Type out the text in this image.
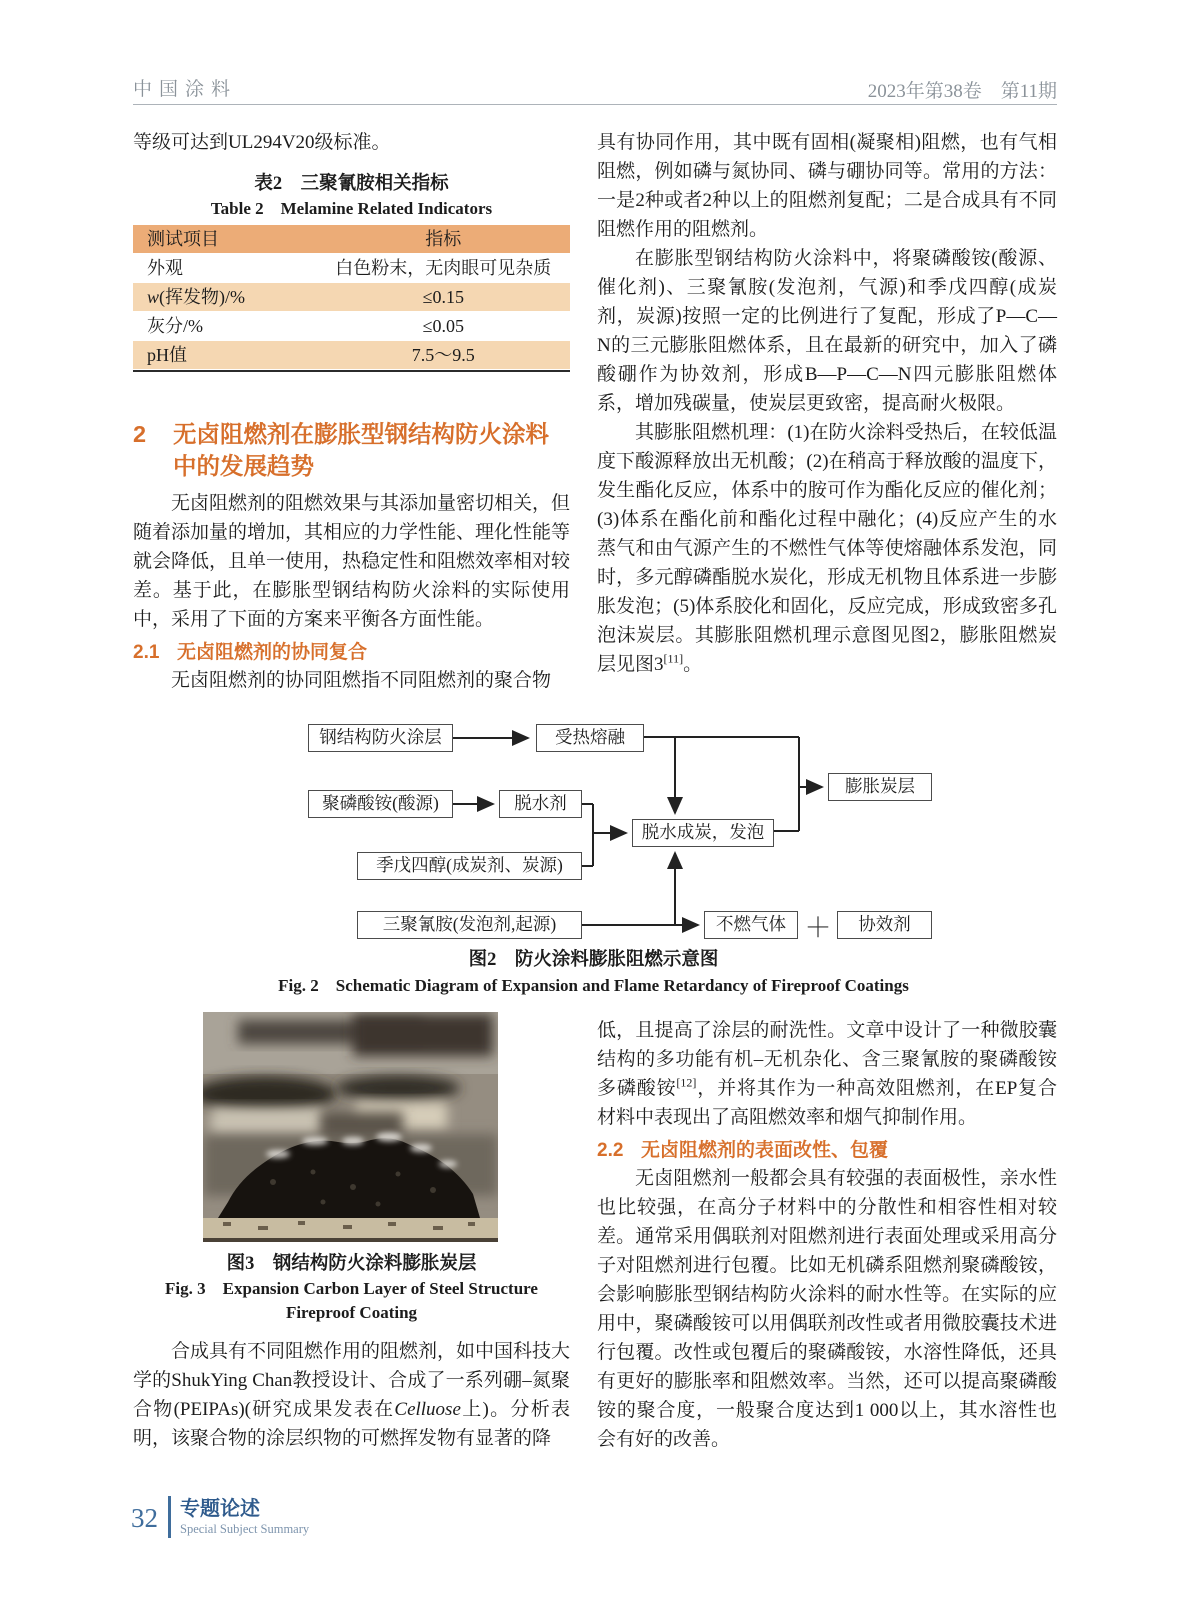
中国涂料	2023年第38卷　第11期

等级可达到UL294V20级标准。

表2　三聚氰胺相关指标
Table 2　Melamine Related Indicators
测试项目	指标
外观	白色粉末，无肉眼可见杂质
w(挥发物)/%	≤0.15
灰分/%	≤0.05
pH值	7.5～9.5
2	无卤阻燃剂在膨胀型钢结构防火涂料中的发展趋势

无卤阻燃剂的阻燃效果与其添加量密切相关，但随着添加量的增加，其相应的力学性能、理化性能等就会降低，且单一使用，热稳定性和阻燃效率相对较差。基于此，在膨胀型钢结构防火涂料的实际使用中，采用了下面的方案来平衡各方面性能。

2.1 无卤阻燃剂的协同复合

无卤阻燃剂的协同阻燃指不同阻燃剂的聚合物

具有协同作用，其中既有固相(凝聚相)阻燃，也有气相阻燃，例如磷与氮协同、磷与硼协同等。常用的方法：一是2种或者2种以上的阻燃剂复配；二是合成具有不同阻燃作用的阻燃剂。

在膨胀型钢结构防火涂料中，将聚磷酸铵(酸源、催化剂)、三聚氰胺(发泡剂，气源)和季戊四醇(成炭剂，炭源)按照一定的比例进行了复配，形成了P—C—N的三元膨胀阻燃体系，且在最新的研究中，加入了磷酸硼作为协效剂，形成B—P—C—N四元膨胀阻燃体系，增加残碳量，使炭层更致密，提高耐火极限。

其膨胀阻燃机理：(1)在防火涂料受热后，在较低温度下酸源释放出无机酸；(2)在稍高于释放酸的温度下，发生酯化反应，体系中的胺可作为酯化反应的催化剂；(3)体系在酯化前和酯化过程中融化；(4)反应产生的水蒸气和由气源产生的不燃性气体等使熔融体系发泡，同时，多元醇磷酯脱水炭化，形成无机物且体系进一步膨胀发泡；(5)体系胶化和固化，反应完成，形成致密多孔泡沫炭层。其膨胀阻燃机理示意图见图2，膨胀阻燃炭层见图3[11]。

钢结构防火涂层	受热熔融
膨胀炭层
聚磷酸铵(酸源)	脱水剂
脱水成炭，发泡
季戊四醇(成炭剂、炭源)
三聚氰胺(发泡剂,起源)	不燃气体 ＋	协效剂
图2　防火涂料膨胀阻燃示意图
Fig. 2　Schematic Diagram of Expansion and Flame Retardancy of Fireproof Coatings
图3　钢结构防火涂料膨胀炭层
Fig. 3　Expansion Carbon Layer of Steel Structure
Fireproof Coating

合成具有不同阻燃作用的阻燃剂，如中国科技大学的ShukYing Chan教授设计、合成了一系列硼–氮聚合物(PEIPAs)(研究成果发表在Celluose上)。分析表明，该聚合物的涂层织物的可燃挥发物有显著的降

低，且提高了涂层的耐洗性。文章中设计了一种微胶囊结构的多功能有机–无机杂化、含三聚氰胺的聚磷酸铵多磷酸铵[12]，并将其作为一种高效阻燃剂，在EP复合材料中表现出了高阻燃效率和烟气抑制作用。

2.2 无卤阻燃剂的表面改性、包覆

无卤阻燃剂一般都会具有较强的表面极性，亲水性也比较强，在高分子材料中的分散性和相容性相对较差。通常采用偶联剂对阻燃剂进行表面处理或采用高分子对阻燃剂进行包覆。比如无机磷系阻燃剂聚磷酸铵，会影响膨胀型钢结构防火涂料的耐水性等。在实际的应用中，聚磷酸铵可以用偶联剂改性或者用微胶囊技术进行包覆。改性或包覆后的聚磷酸铵，水溶性降低，还具有更好的膨胀率和阻燃效率。当然，还可以提高聚磷酸铵的聚合度，一般聚合度达到1 000以上，其水溶性也会有好的改善。

32 专题论述
Special Subject Summary
